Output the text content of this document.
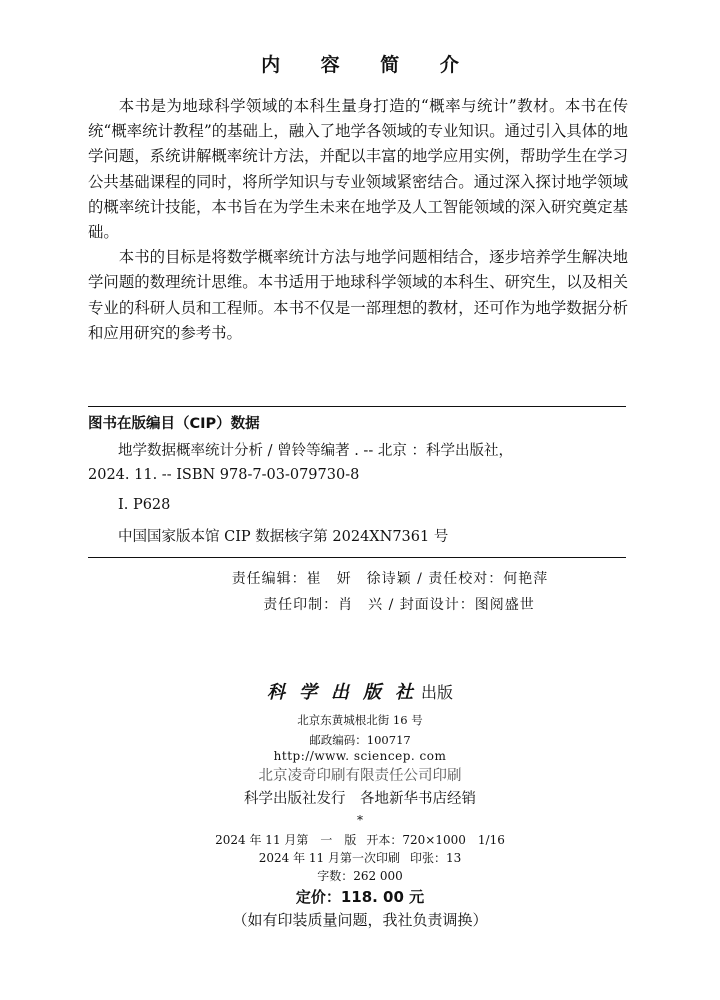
内 容 简 介

本书是为地球科学领域的本科生量身打造的“概率与统计”教材。本书在传统“概率统计教程”的基础上，融入了地学各领域的专业知识。通过引入具体的地学问题，系统讲解概率统计方法，并配以丰富的地学应用实例，帮助学生在学习公共基础课程的同时，将所学知识与专业领域紧密结合。通过深入探讨地学领域的概率统计技能，本书旨在为学生未来在地学及人工智能领域的深入研究奠定基础。

本书的目标是将数学概率统计方法与地学问题相结合，逐步培养学生解决地学问题的数理统计思维。本书适用于地球科学领域的本科生、研究生，以及相关专业的科研人员和工程师。本书不仅是一部理想的教材，还可作为地学数据分析和应用研究的参考书。

图书在版编目（CIP）数据
地学数据概率统计分析 / 曾铃等编著 . -- 北京 ：科学出版社，
2024. 11. -- ISBN 978-7-03-079730-8
Ⅰ. P628
中国国家版本馆 CIP 数据核字第 2024XN7361 号
责任编辑：崔　妍　徐诗颖 / 责任校对：何艳萍
责任印制：肖　兴 / 封面设计：图阅盛世
科学出版社出版
北京东黄城根北街 16 号
邮政编码：100717
http://www. sciencep. com
北京凌奇印刷有限责任公司印刷
科学出版社发行　各地新华书店经销
*
2024 年 11 月第　一　版 开本：720×1000　1/16
2024 年 11 月第一次印刷 印张：13
字数：262 000
定价：118. 00 元
（如有印装质量问题，我社负责调换）
